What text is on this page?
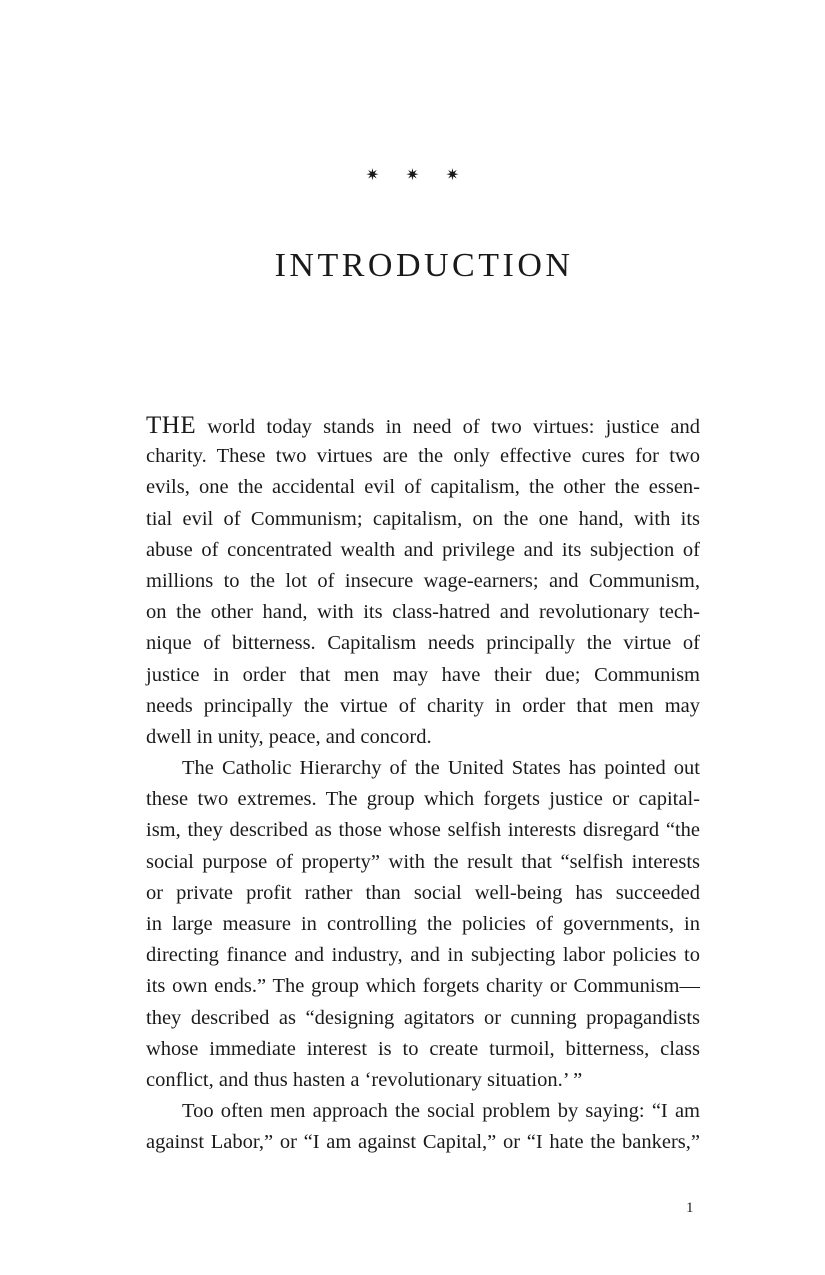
✷ ✷ ✷
INTRODUCTION
THE world today stands in need of two virtues: justice and
charity. These two virtues are the only effective cures for two
evils, one the accidental evil of capitalism, the other the essen-
tial evil of Communism; capitalism, on the one hand, with its
abuse of concentrated wealth and privilege and its subjection of
millions to the lot of insecure wage-earners; and Communism,
on the other hand, with its class-hatred and revolutionary tech-
nique of bitterness. Capitalism needs principally the virtue of
justice in order that men may have their due; Communism
needs principally the virtue of charity in order that men may
dwell in unity, peace, and concord.
The Catholic Hierarchy of the United States has pointed out
these two extremes. The group which forgets justice or capital-
ism, they described as those whose selfish interests disregard “the
social purpose of property” with the result that “selfish interests
or private profit rather than social well-being has succeeded
in large measure in controlling the policies of governments, in
directing finance and industry, and in subjecting labor policies to
its own ends.” The group which forgets charity or Communism—
they described as “designing agitators or cunning propagandists
whose immediate interest is to create turmoil, bitterness, class
conflict, and thus hasten a ‘revolutionary situation.’ ”
Too often men approach the social problem by saying: “I am
against Labor,” or “I am against Capital,” or “I hate the bankers,”
1
